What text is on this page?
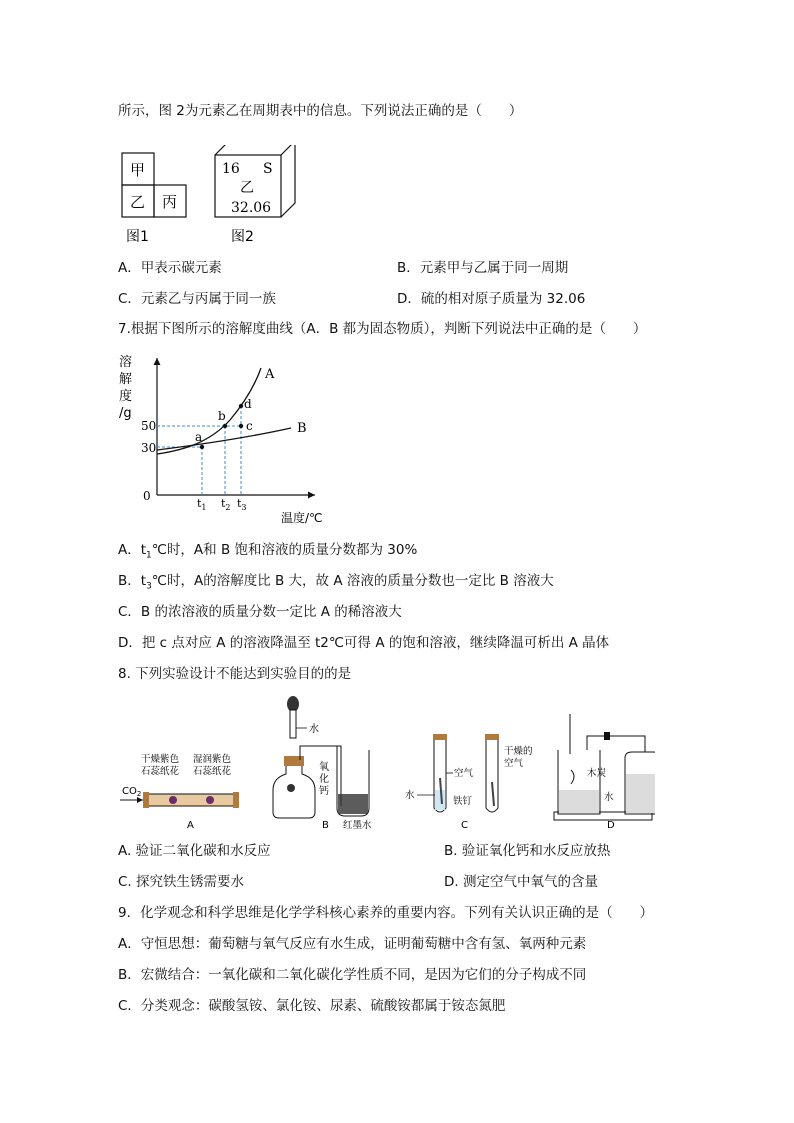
所示，图 2为元素乙在周期表中的信息。下列说法正确的是（　　）
甲
乙 丙
图1
16 S
乙
32.06
图2
A．甲表示碳元素	B．元素甲与乙属于同一周期
C．元素乙与丙属于同一族	D．硫的相对原子质量为 32.06
7.根据下图所示的溶解度曲线（A．B 都为固态物质），判断下列说法中正确的是（　　）
溶
解
度
/g
0
50
30
A
B
a
b
c
d
$t_1$ $t_2$ $t_3$
温度/℃
A．$t_1℃$时，A和 B 饱和溶液的质量分数都为 30%
B．$t_3℃$时，A的溶解度比 B 大，故 A 溶液的质量分数也一定比 B 溶液大
C．B 的浓溶液的质量分数一定比 A 的稀溶液大
D．把 c 点对应 A 的溶液降温至 t2℃可得 A 的饱和溶液，继续降温可析出 A 晶体
8. 下列实验设计不能达到实验目的的是
$CO_2$
干燥紫色
石蕊纸花
湿润紫色
石蕊纸花
A
水
氧
化
钙
红墨水
B
空气
水
铁钉
干燥的
空气
C
木炭
水
D
A. 验证二氧化碳和水反应	B. 验证氧化钙和水反应放热
C. 探究铁生锈需要水	D. 测定空气中氧气的含量
9．化学观念和科学思维是化学学科核心素养的重要内容。下列有关认识正确的是（　　）
A．守恒思想：葡萄糖与氧气反应有水生成，证明葡萄糖中含有氢、氧两种元素
B．宏微结合：一氧化碳和二氧化碳化学性质不同，是因为它们的分子构成不同
C．分类观念：碳酸氢铵、氯化铵、尿素、硫酸铵都属于铵态氮肥
